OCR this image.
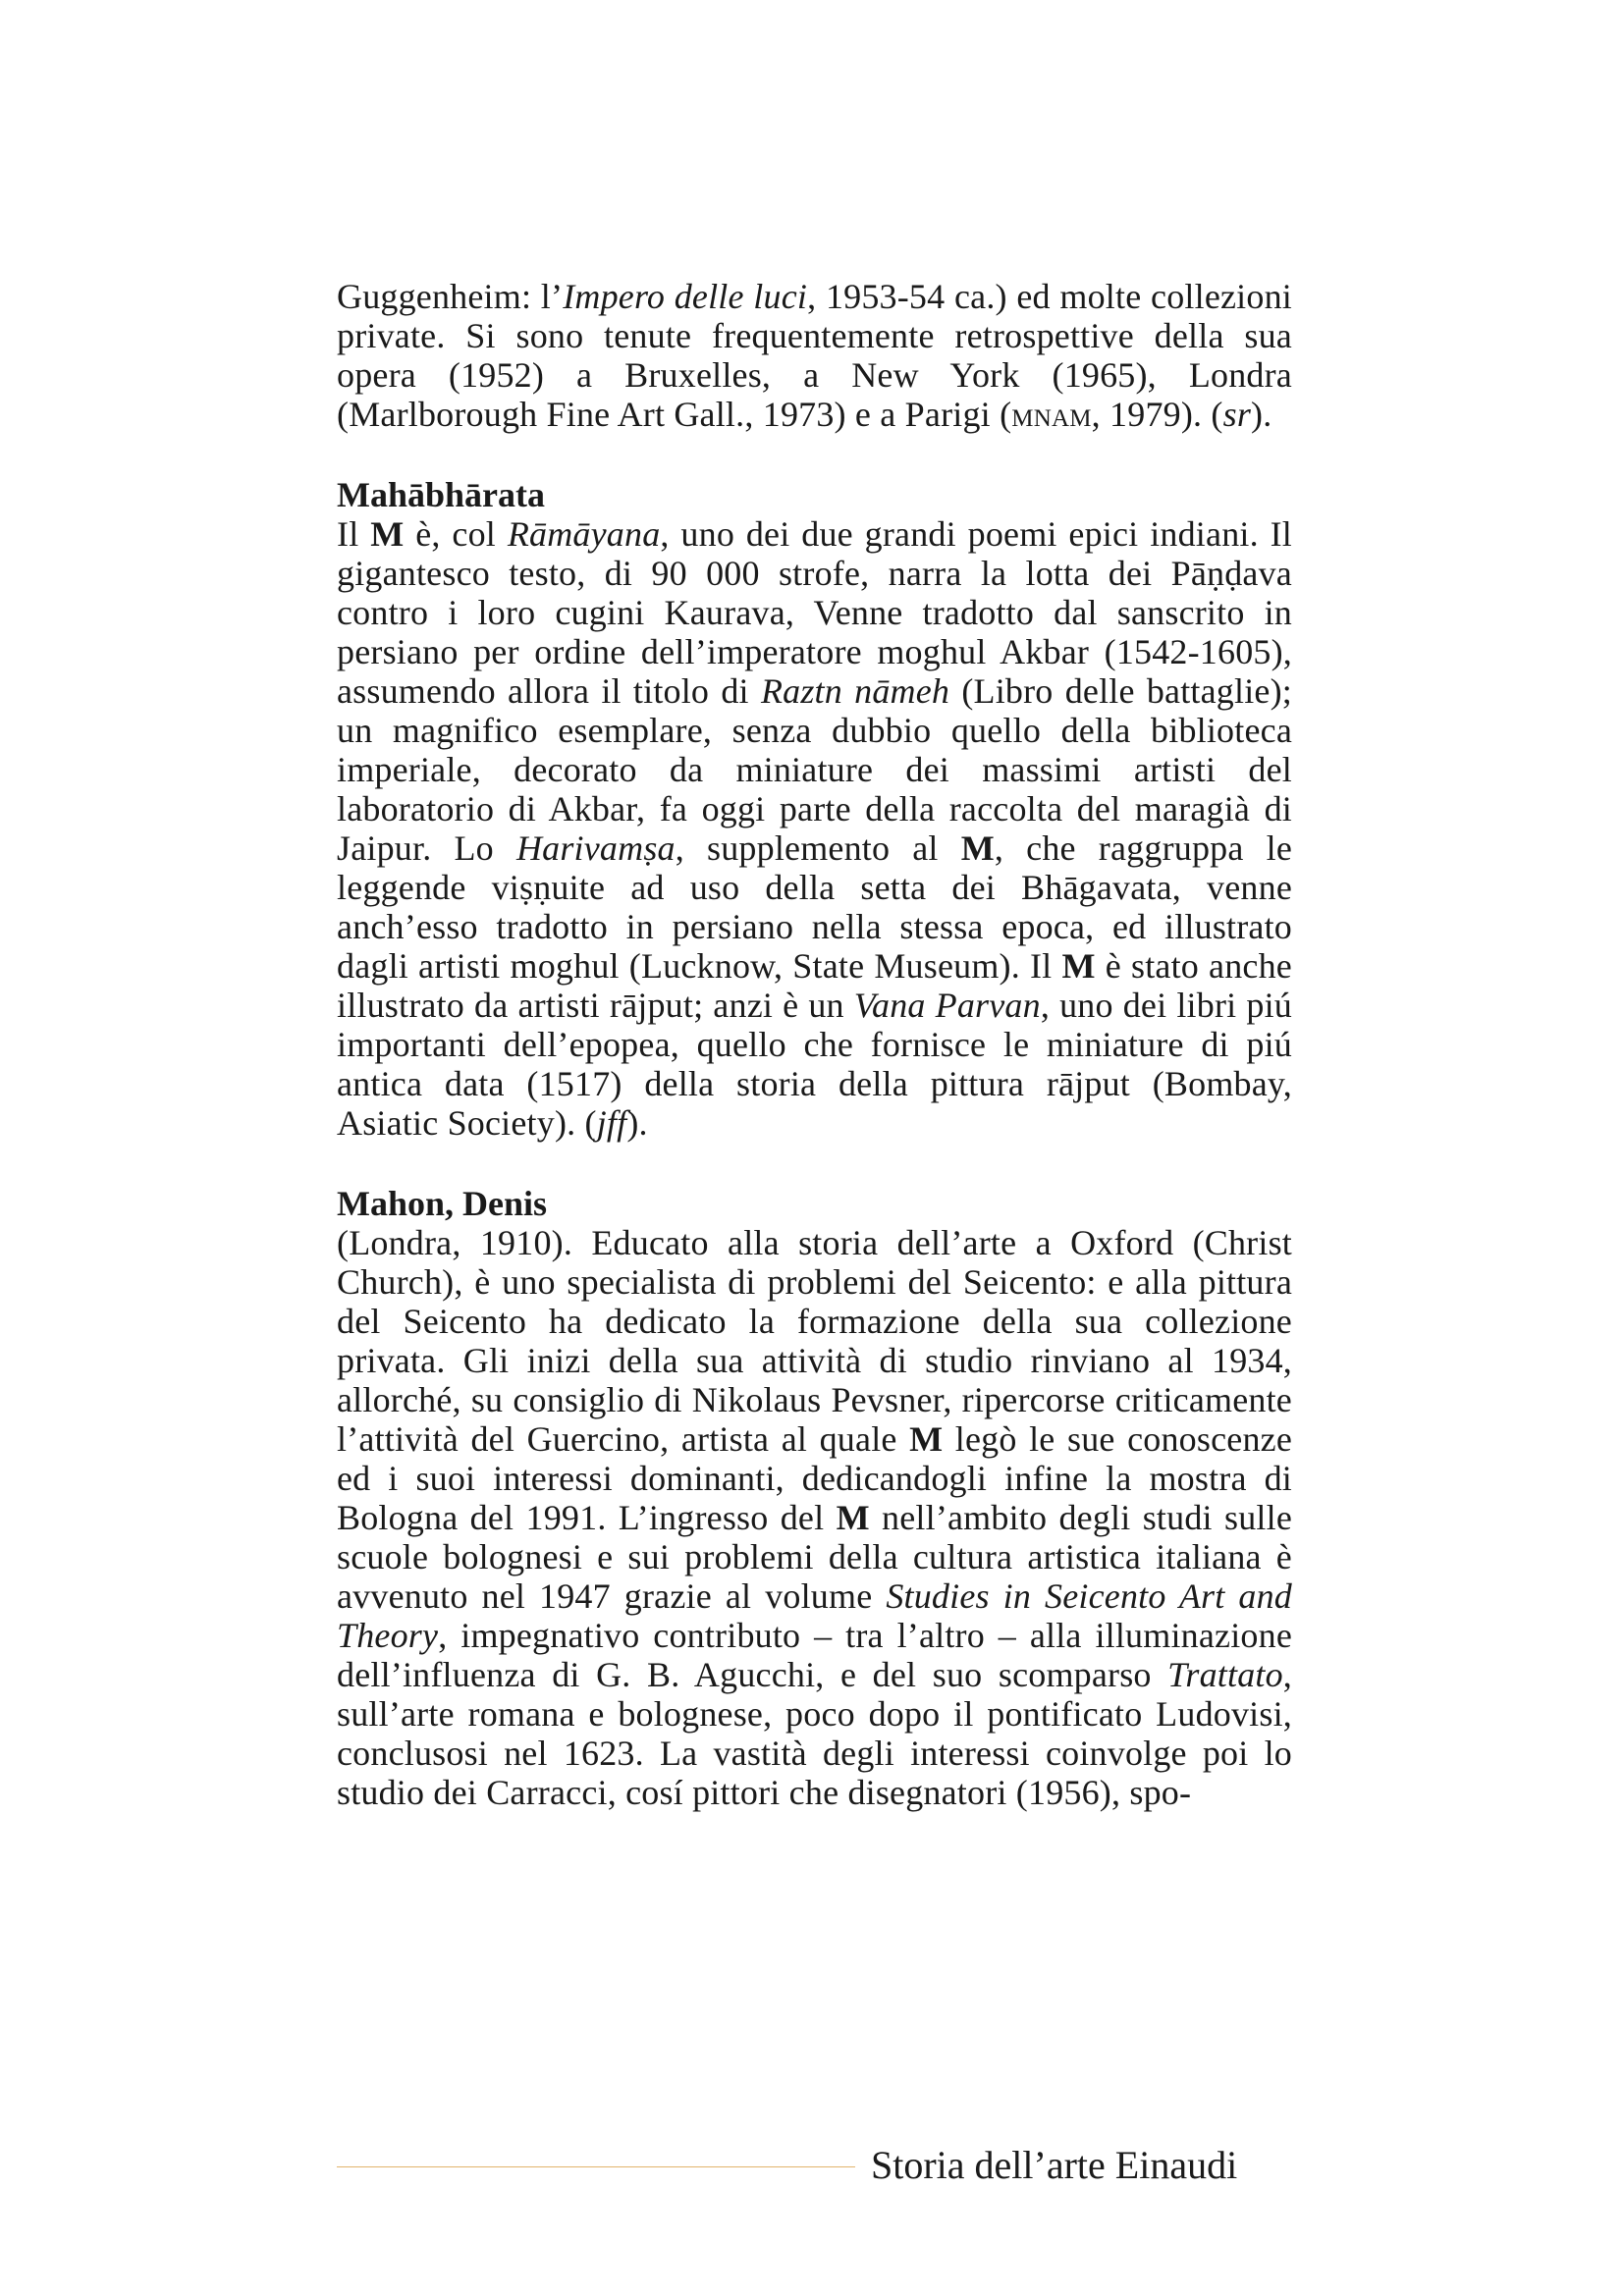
Guggenheim: l’Impero delle luci, 1953-54 ca.) ed molte collezioni private. Si sono tenute frequentemente retrospettive della sua opera (1952) a Bruxelles, a New York (1965), Londra (Marlborough Fine Art Gall., 1973) e a Parigi (mnam, 1979). (sr).

Mahābhārata

Il M è, col Rāmāyana, uno dei due grandi poemi epici indiani. Il gigantesco testo, di 90 000 strofe, narra la lotta dei Pāṇḍava contro i loro cugini Kaurava, Venne tradotto dal sanscrito in persiano per ordine dell’imperatore moghul Akbar (1542-1605), assumendo allora il titolo di Raztn nāmeh (Libro delle battaglie); un magnifico esemplare, senza dubbio quello della biblioteca imperiale, decorato da miniature dei massimi artisti del laboratorio di Akbar, fa oggi parte della raccolta del maragià di Jaipur. Lo Harivamṣa, supplemento al M, che raggruppa le leggende viṣṇuite ad uso della setta dei Bhāgavata, venne anch’esso tradotto in persiano nella stessa epoca, ed illustrato dagli artisti moghul (Lucknow, State Museum). Il M è stato anche illustrato da artisti rājput; anzi è un Vana Parvan, uno dei libri piú importanti dell’epopea, quello che fornisce le miniature di piú antica data (1517) della storia della pittura rājput (Bombay, Asiatic Society). (jff).

Mahon, Denis

(Londra, 1910). Educato alla storia dell’arte a Oxford (Christ Church), è uno specialista di problemi del Seicento: e alla pittura del Seicento ha dedicato la formazione della sua collezione privata. Gli inizi della sua attività di studio rinviano al 1934, allorché, su consiglio di Nikolaus Pevsner, ripercorse criticamente l’attività del Guercino, artista al quale M legò le sue conoscenze ed i suoi interessi dominanti, dedicandogli infine la mostra di Bologna del 1991. L’ingresso del M nell’ambito degli studi sulle scuole bolognesi e sui problemi della cultura artistica italiana è avvenuto nel 1947 grazie al volume Studies in Seicento Art and Theory, impegnativo contributo – tra l’altro – alla illuminazione dell’influenza di G. B. Agucchi, e del suo scomparso Trattato, sull’arte romana e bolognese, poco dopo il pontificato Ludovisi, conclusosi nel 1623. La vastità degli interessi coinvolge poi lo studio dei Carracci, cosí pittori che disegnatori (1956), spo-

Storia dell’arte Einaudi
